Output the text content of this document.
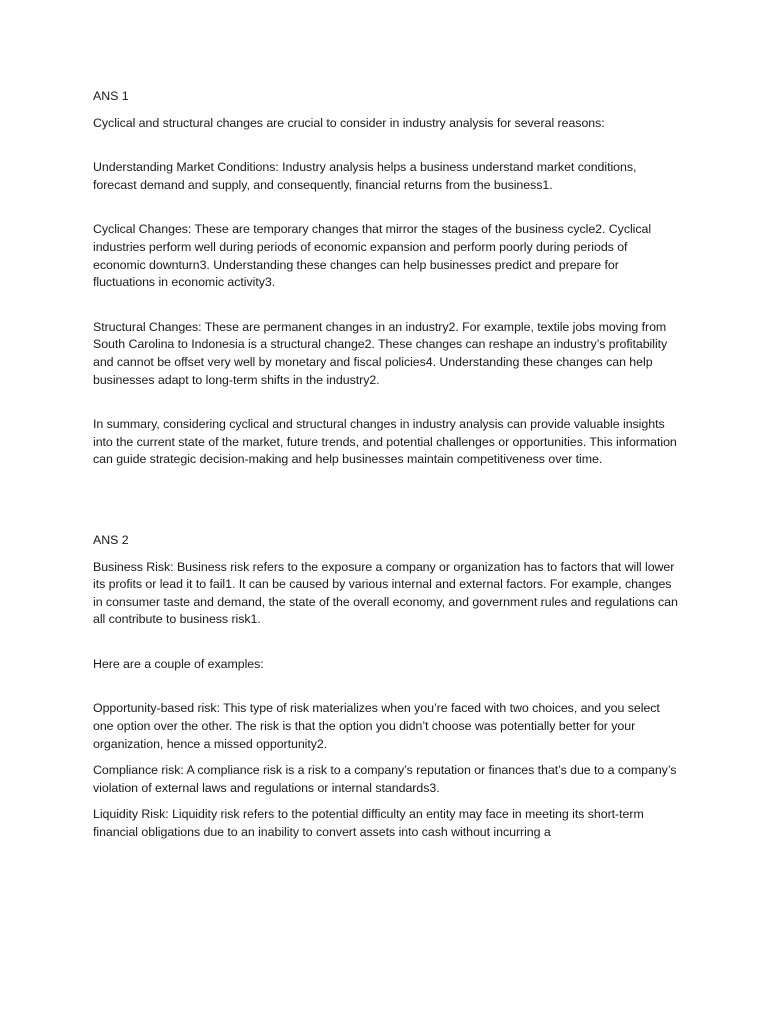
ANS 1

Cyclical and structural changes are crucial to consider in industry analysis for several reasons:

Understanding Market Conditions: Industry analysis helps a business understand market conditions, forecast demand and supply, and consequently, financial returns from the business1.

Cyclical Changes: These are temporary changes that mirror the stages of the business cycle2. Cyclical industries perform well during periods of economic expansion and perform poorly during periods of economic downturn3. Understanding these changes can help businesses predict and prepare for fluctuations in economic activity3.

Structural Changes: These are permanent changes in an industry2. For example, textile jobs moving from South Carolina to Indonesia is a structural change2. These changes can reshape an industry’s profitability and cannot be offset very well by monetary and fiscal policies4. Understanding these changes can help businesses adapt to long-term shifts in the industry2.

In summary, considering cyclical and structural changes in industry analysis can provide valuable insights into the current state of the market, future trends, and potential challenges or opportunities. This information can guide strategic decision-making and help businesses maintain competitiveness over time.

ANS 2

Business Risk: Business risk refers to the exposure a company or organization has to factors that will lower its profits or lead it to fail1. It can be caused by various internal and external factors. For example, changes in consumer taste and demand, the state of the overall economy, and government rules and regulations can all contribute to business risk1.

Here are a couple of examples:

Opportunity-based risk: This type of risk materializes when you’re faced with two choices, and you select one option over the other. The risk is that the option you didn’t choose was potentially better for your organization, hence a missed opportunity2.

Compliance risk: A compliance risk is a risk to a company’s reputation or finances that’s due to a company’s violation of external laws and regulations or internal standards3.

Liquidity Risk: Liquidity risk refers to the potential difficulty an entity may face in meeting its short-term financial obligations due to an inability to convert assets into cash without incurring a
